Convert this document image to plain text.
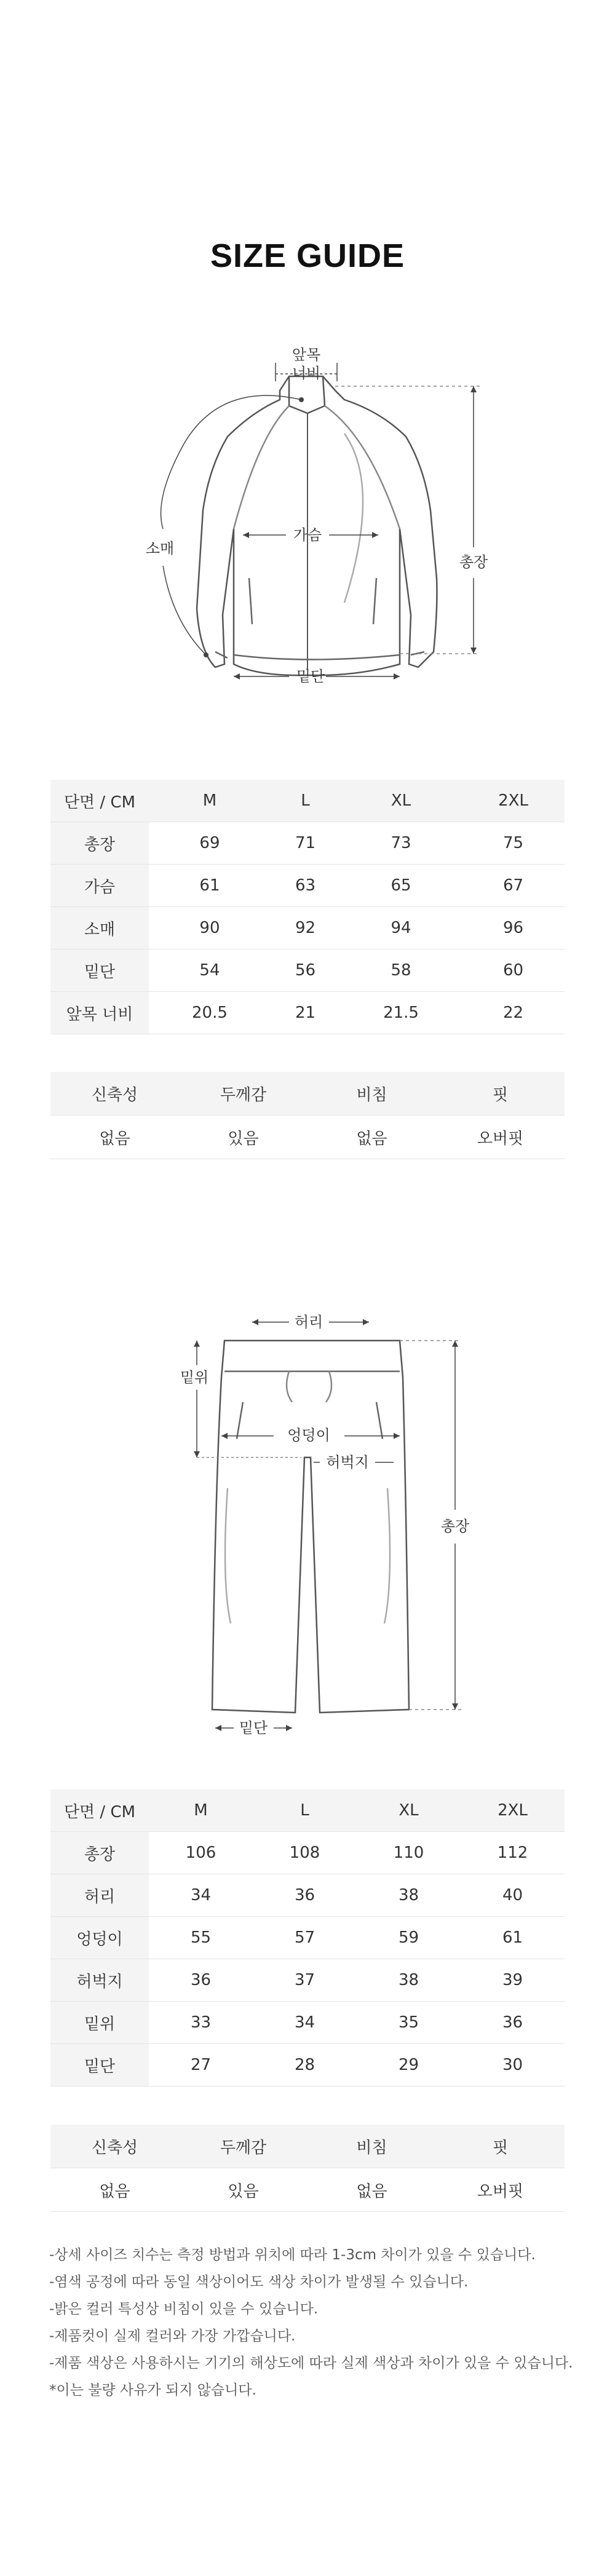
SIZE GUIDE
앞목
너비
가슴
소매
밑단
총장
단면 / CM	M	L	XL	2XL
총장	69	71	73	75
가슴	61	63	65	67
소매	90	92	94	96
밑단	54	56	58	60
앞목 너비	20.5	21	21.5	22
신축성	두께감	비침	핏
없음	있음	없음	오버핏
허리
밑위
엉덩이
허벅지
총장
밑단
단면 / CM	M	L	XL	2XL
총장	106	108	110	112
허리	34	36	38	40
엉덩이	55	57	59	61
허벅지	36	37	38	39
밑위	33	34	35	36
밑단	27	28	29	30
신축성	두께감	비침	핏
없음	있음	없음	오버핏
-상세 사이즈 치수는 측정 방법과 위치에 따라 1-3cm 차이가 있을 수 있습니다.
-염색 공정에 따라 동일 색상이어도 색상 차이가 발생될 수 있습니다.
-밝은 컬러 특성상 비침이 있을 수 있습니다.
-제품컷이 실제 컬러와 가장 가깝습니다.
-제품 색상은 사용하시는 기기의 해상도에 따라 실제 색상과 차이가 있을 수 있습니다.
*이는 불량 사유가 되지 않습니다.
